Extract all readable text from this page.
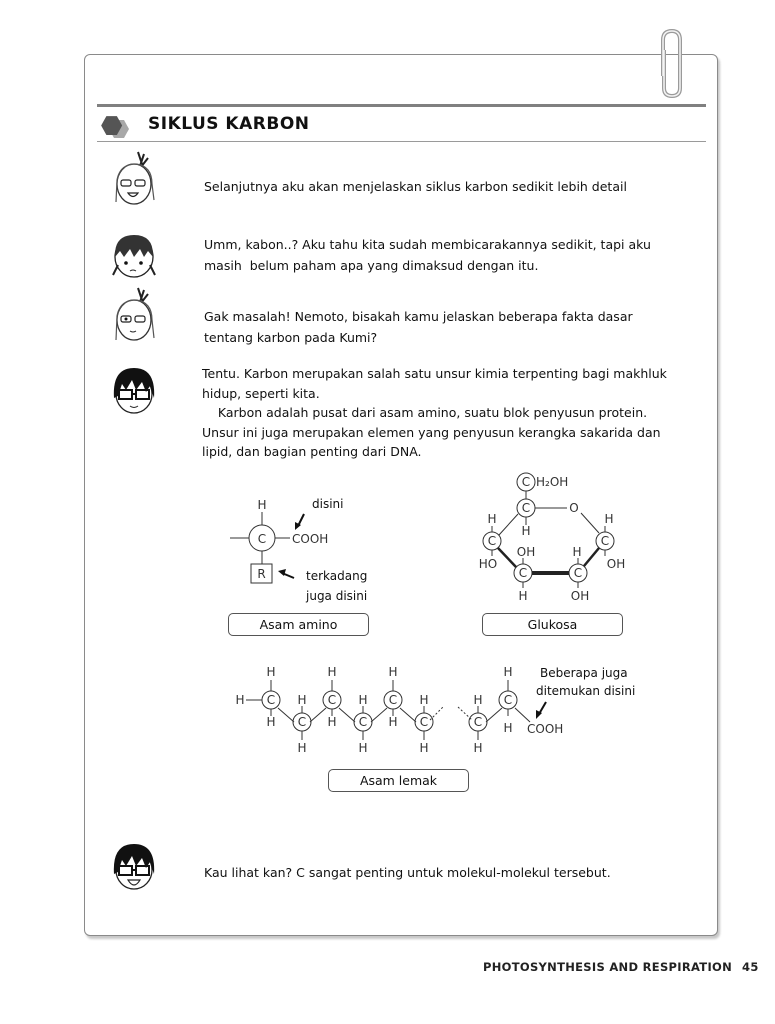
SIKLUS KARBON
Selanjutnya aku akan menjelaskan siklus karbon sedikit lebih detail
Umm, kabon..? Aku tahu kita sudah membicarakannya sedikit, tapi aku
masih  belum paham apa yang dimaksud dengan itu.
Gak masalah! Nemoto, bisakah kamu jelaskan beberapa fakta dasar
tentang karbon pada Kumi?
Tentu. Karbon merupakan salah satu unsur kimia terpenting bagi makhluk
hidup, seperti kita.
Karbon adalah pusat dari asam amino, suatu blok penyusun protein.
Unsur ini juga merupakan elemen yang penyusun kerangka sakarida dan
lipid, dan bagian penting dari DNA.
Kau lihat kan? C sangat penting untuk molekul-molekul tersebut.
H
C COOH
R
disini
terkadang
juga disini
Asam amino
C H₂OH
C	O
H
H
C
HO
OH
C
H
H
C
OH
H
C
OH
Glukosa
H C
H
H C
H
H
C
H
H C
H
H
C
H
H C
H
H
C
H
H
C
H
H COOH
Beberapa juga
ditemukan disini
Asam lemak
PHOTOSYNTHESIS AND RESPIRATION 45
